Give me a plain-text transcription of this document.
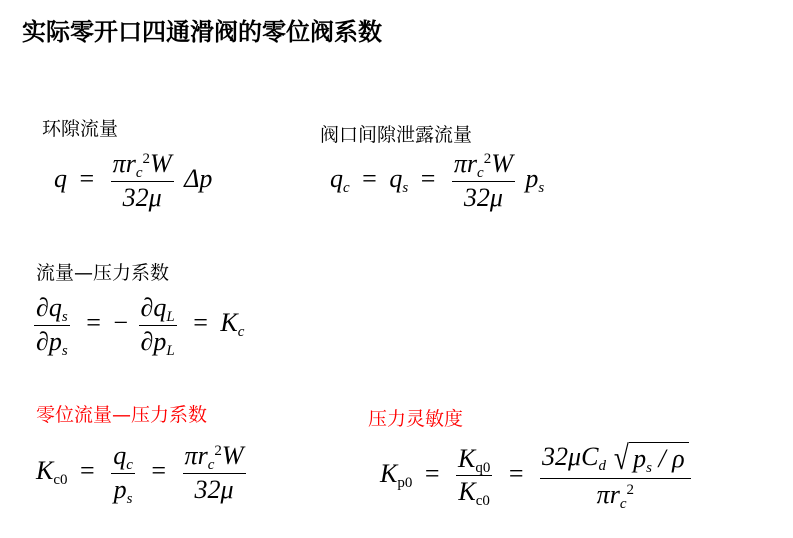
实际零开口四通滑阀的零位阀系数
环隙流量
$q = \frac{\pi r_c^2W}{32\mu}$ Δp
阀口间隙泄露流量
$q_c = q_s = \frac{\pi r_c^2W}{32\mu} p_s$
流量—压力系数
$\frac{\partial q_s}{\partial p_s}$ = − $\frac{\partial q_L}{\partial p_L} = K_c$
零位流量—压力系数
$K_{c0} = \frac{q_c}{p_s} = \frac{\pi r_c^2W}{32\mu}$
压力灵敏度
$K_{p0} = \frac{K_{q0}}{K_{c0}} = \frac{32\mu C_d √ p_s / \rho}{\pi r_c^2}$
